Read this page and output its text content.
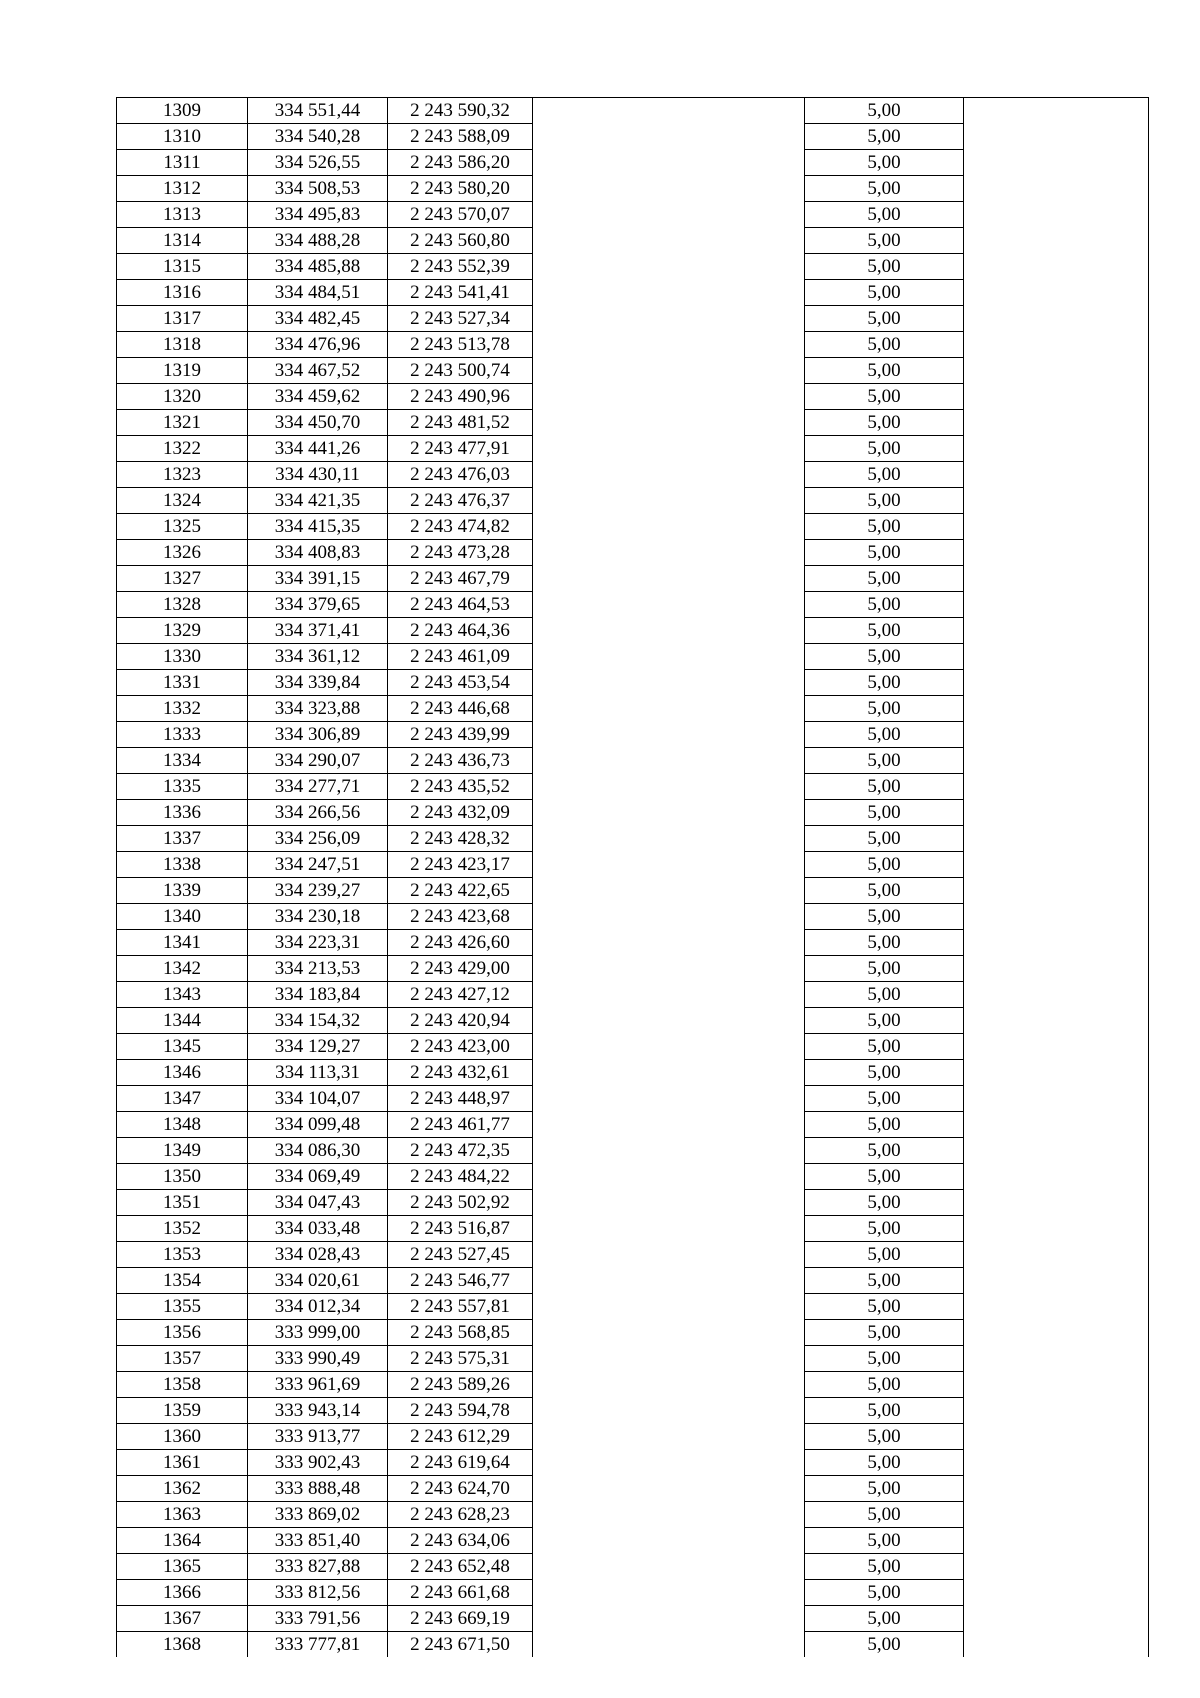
1309	334 551,44	2 243 590,32		5,00	
1310	334 540,28	2 243 588,09		5,00	
1311	334 526,55	2 243 586,20		5,00	
1312	334 508,53	2 243 580,20		5,00	
1313	334 495,83	2 243 570,07		5,00	
1314	334 488,28	2 243 560,80		5,00	
1315	334 485,88	2 243 552,39		5,00	
1316	334 484,51	2 243 541,41		5,00	
1317	334 482,45	2 243 527,34		5,00	
1318	334 476,96	2 243 513,78		5,00	
1319	334 467,52	2 243 500,74		5,00	
1320	334 459,62	2 243 490,96		5,00	
1321	334 450,70	2 243 481,52		5,00	
1322	334 441,26	2 243 477,91		5,00	
1323	334 430,11	2 243 476,03		5,00	
1324	334 421,35	2 243 476,37		5,00	
1325	334 415,35	2 243 474,82		5,00	
1326	334 408,83	2 243 473,28		5,00	
1327	334 391,15	2 243 467,79		5,00	
1328	334 379,65	2 243 464,53		5,00	
1329	334 371,41	2 243 464,36		5,00	
1330	334 361,12	2 243 461,09		5,00	
1331	334 339,84	2 243 453,54		5,00	
1332	334 323,88	2 243 446,68		5,00	
1333	334 306,89	2 243 439,99		5,00	
1334	334 290,07	2 243 436,73		5,00	
1335	334 277,71	2 243 435,52		5,00	
1336	334 266,56	2 243 432,09		5,00	
1337	334 256,09	2 243 428,32		5,00	
1338	334 247,51	2 243 423,17		5,00	
1339	334 239,27	2 243 422,65		5,00	
1340	334 230,18	2 243 423,68		5,00	
1341	334 223,31	2 243 426,60		5,00	
1342	334 213,53	2 243 429,00		5,00	
1343	334 183,84	2 243 427,12		5,00	
1344	334 154,32	2 243 420,94		5,00	
1345	334 129,27	2 243 423,00		5,00	
1346	334 113,31	2 243 432,61		5,00	
1347	334 104,07	2 243 448,97		5,00	
1348	334 099,48	2 243 461,77		5,00	
1349	334 086,30	2 243 472,35		5,00	
1350	334 069,49	2 243 484,22		5,00	
1351	334 047,43	2 243 502,92		5,00	
1352	334 033,48	2 243 516,87		5,00	
1353	334 028,43	2 243 527,45		5,00	
1354	334 020,61	2 243 546,77		5,00	
1355	334 012,34	2 243 557,81		5,00	
1356	333 999,00	2 243 568,85		5,00	
1357	333 990,49	2 243 575,31		5,00	
1358	333 961,69	2 243 589,26		5,00	
1359	333 943,14	2 243 594,78		5,00	
1360	333 913,77	2 243 612,29		5,00	
1361	333 902,43	2 243 619,64		5,00	
1362	333 888,48	2 243 624,70		5,00	
1363	333 869,02	2 243 628,23		5,00	
1364	333 851,40	2 243 634,06		5,00	
1365	333 827,88	2 243 652,48		5,00	
1366	333 812,56	2 243 661,68		5,00	
1367	333 791,56	2 243 669,19		5,00	
1368	333 777,81	2 243 671,50		5,00	
